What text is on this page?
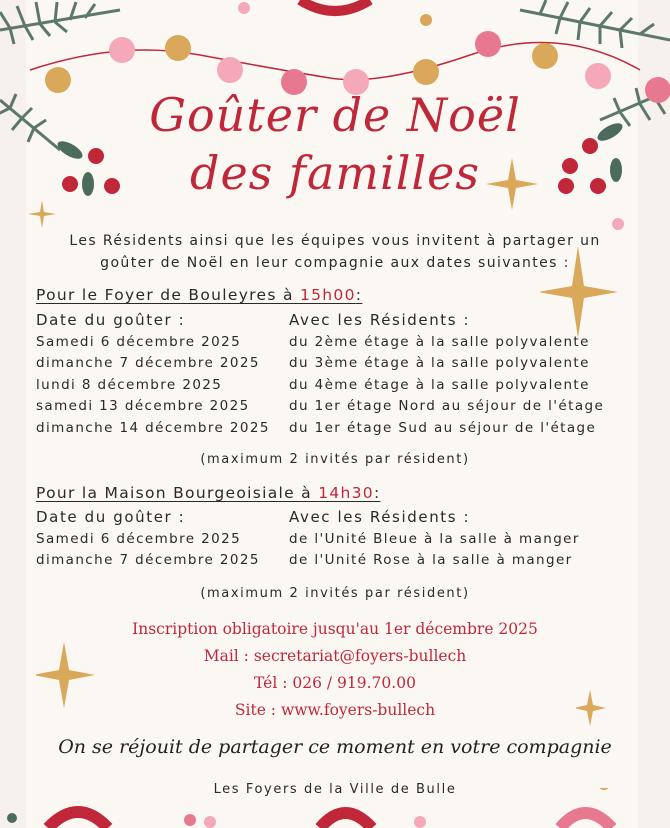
Goûter de Noël
des familles
Les Résidents ainsi que les équipes vous invitent à partager un goûter de Noël en leur compagnie aux dates suivantes :
Pour le Foyer de Bouleyres à 15h00:
Date du goûter :
Samedi 6 décembre 2025
dimanche 7 décembre 2025
lundi 8 décembre 2025
samedi 13 décembre 2025
dimanche 14 décembre 2025
Avec les Résidents :
du 2ème étage à la salle polyvalente
du 3ème étage à la salle polyvalente
du 4ème étage à la salle polyvalente
du 1er étage Nord au séjour de l'étage
du 1er étage Sud au séjour de l'étage
(maximum 2 invités par résident)
Pour la Maison Bourgeoisiale à 14h30:
Date du goûter :
Samedi 6 décembre 2025
dimanche 7 décembre 2025
Avec les Résidents :
de l'Unité Bleue à la salle à manger
de l'Unité Rose à la salle à manger
(maximum 2 invités par résident)
Inscription obligatoire jusqu'au 1er décembre 2025
Mail : secretariat@foyers-bullech
Tél : 026 / 919.70.00
Site : www.foyers-bullech
On se réjouit de partager ce moment en votre compagnie
Les Foyers de la Ville de Bulle
